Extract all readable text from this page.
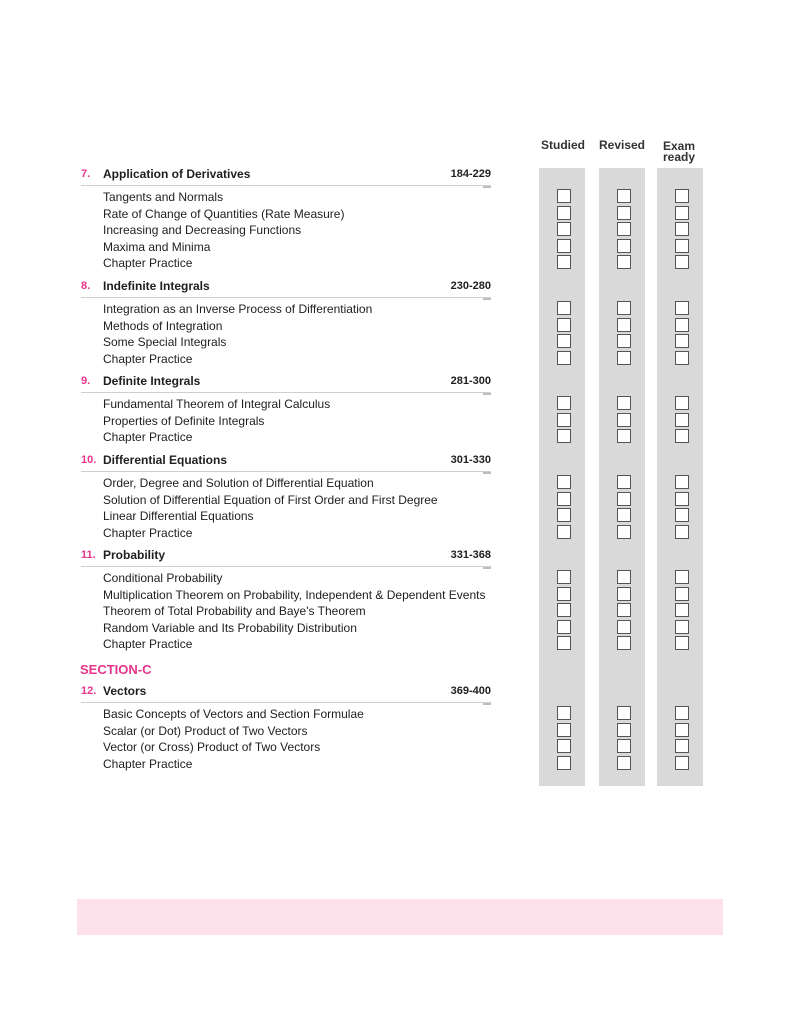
Studied	Revised	Exam
ready
7. Application of Derivatives	184-229
Tangents and Normals
Rate of Change of Quantities (Rate Measure)
Increasing and Decreasing Functions
Maxima and Minima
Chapter Practice
8. Indefinite Integrals	230-280
Integration as an Inverse Process of Differentiation
Methods of Integration
Some Special Integrals
Chapter Practice
9. Definite Integrals	281-300
Fundamental Theorem of Integral Calculus
Properties of Definite Integrals
Chapter Practice
10. Differential Equations	301-330
Order, Degree and Solution of Differential Equation
Solution of Differential Equation of First Order and First Degree
Linear Differential Equations
Chapter Practice
11. Probability	331-368
Conditional Probability
Multiplication Theorem on Probability, Independent & Dependent Events
Theorem of Total Probability and Baye's Theorem
Random Variable and Its Probability Distribution
Chapter Practice
SECTION-C
12. Vectors	369-400
Basic Concepts of Vectors and Section Formulae
Scalar (or Dot) Product of Two Vectors
Vector (or Cross) Product of Two Vectors
Chapter Practice
